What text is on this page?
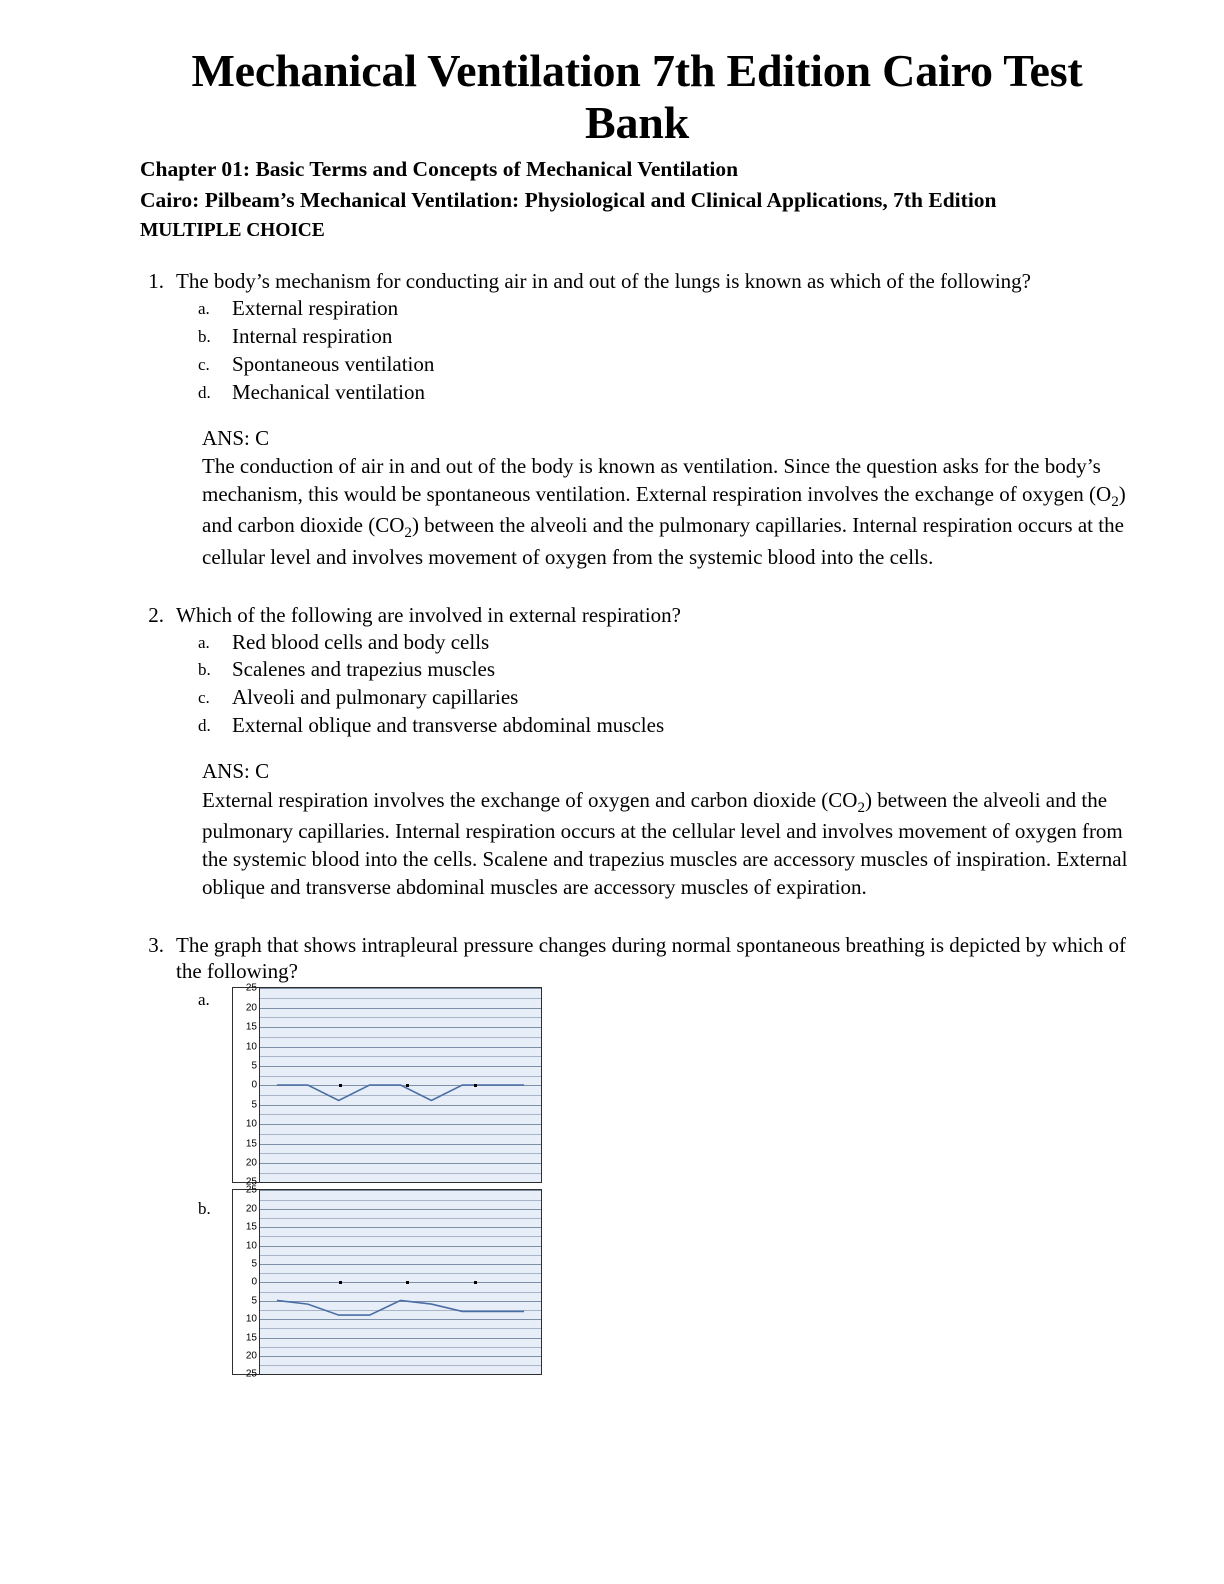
Mechanical Ventilation 7th Edition Cairo Test Bank

Chapter 01: Basic Terms and Concepts of Mechanical Ventilation

Cairo: Pilbeam’s Mechanical Ventilation: Physiological and Clinical Applications, 7th Edition

MULTIPLE CHOICE

1. The body’s mechanism for conducting air in and out of the lungs is known as which of the following?

a.	External respiration
b.	Internal respiration
c.	Spontaneous ventilation
d.	Mechanical ventilation

ANS: C

The conduction of air in and out of the body is known as ventilation. Since the question asks for the body’s mechanism, this would be spontaneous ventilation. External respiration involves the exchange of oxygen $(O_2)$ and carbon dioxide $(CO_2)$ between the alveoli and the pulmonary capillaries. Internal respiration occurs at the cellular level and involves movement of oxygen from the systemic blood into the cells.

2. Which of the following are involved in external respiration?

a.	Red blood cells and body cells
b.	Scalenes and trapezius muscles
c.	Alveoli and pulmonary capillaries
d.	External oblique and transverse abdominal muscles

ANS: C

External respiration involves the exchange of oxygen and carbon dioxide $(CO_2)$ between the alveoli and the pulmonary capillaries. Internal respiration occurs at the cellular level and involves movement of oxygen from the systemic blood into the cells. Scalene and trapezius muscles are accessory muscles of inspiration. External oblique and transverse abdominal muscles are accessory muscles of expiration.

3. The graph that shows intrapleural pressure changes during normal spontaneous breathing is depicted by which of the following?

a.
25
20
15
10
5
0
5
10
15
20
25
b.
25
20
15
10
5
0
5
10
15
20
25
